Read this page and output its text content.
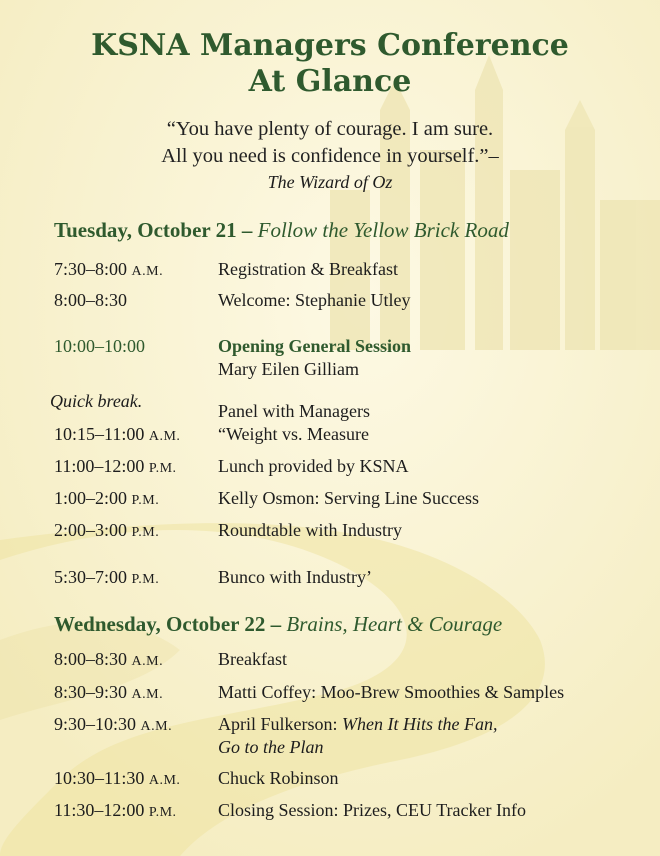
KSNA Managers Conference
At Glance
“You have plenty of courage. I am sure.
All you need is confidence in yourself.”–
The Wizard of Oz
Tuesday, October 21 – Follow the Yellow Brick Road
7:30–8:00 A.M.	Registration & Breakfast
8:00–8:30	Welcome: Stephanie Utley
10:00–10:00	Opening General Session
Mary Eilen Gilliam
Quick break.	Panel with Managers
10:15–11:00 A.M. “Weight vs. Measure
11:00–12:00 P.M. Lunch provided by KSNA
1:00–2:00 P.M.	Kelly Osmon: Serving Line Success
2:00–3:00 P.M.	Roundtable with Industry
5:30–7:00 P.M.	Bunco with Industry’
Wednesday, October 22 – Brains, Heart & Courage
8:00–8:30 A.M.	Breakfast
8:30–9:30 A.M.	Matti Coffey: Moo-Brew Smoothies & Samples
9:30–10:30 A.M.	April Fulkerson: When It Hits the Fan,
Go to the Plan
10:30–11:30 A.M. Chuck Robinson
11:30–12:00 P.M. Closing Session: Prizes, CEU Tracker Info
